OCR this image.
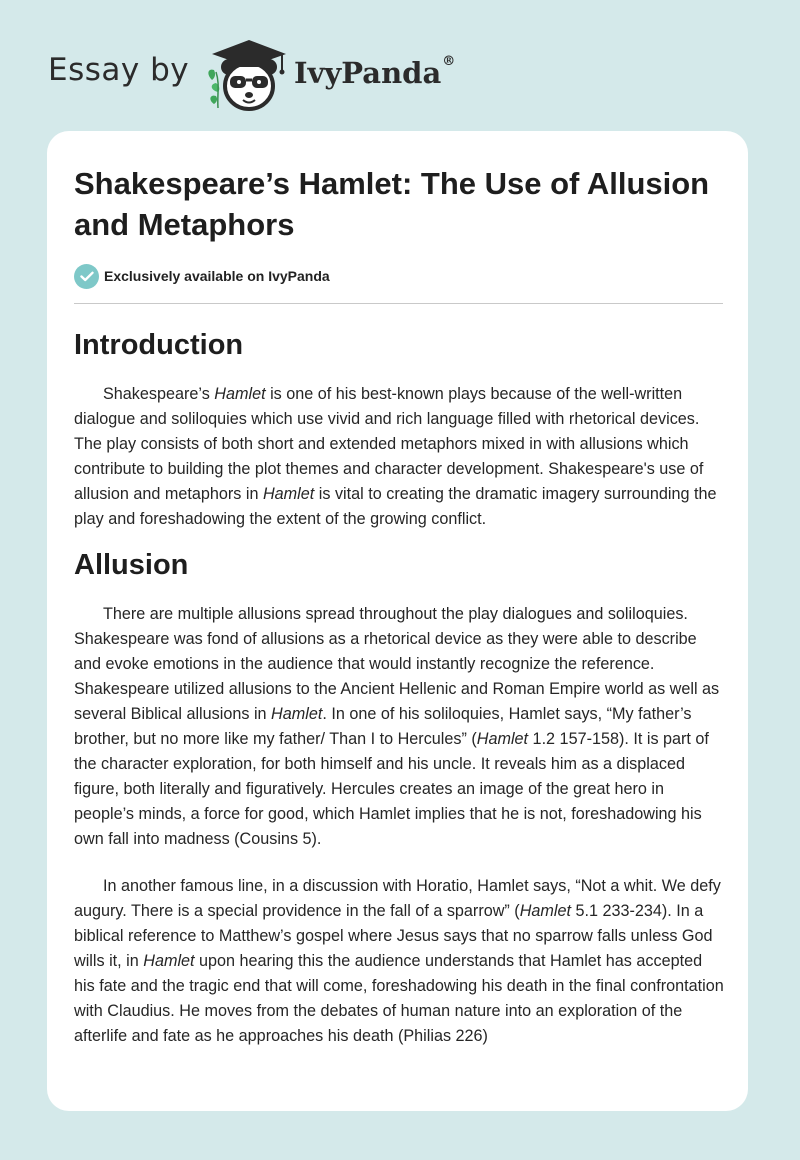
Essay by	IvyPanda®
Shakespeare’s Hamlet: The Use of Allusion and Metaphors
Exclusively available on IvyPanda
Introduction

Shakespeare’s Hamlet is one of his best-known plays because of the well-written dialogue and soliloquies which use vivid and rich language filled with rhetorical devices. The play consists of both short and extended metaphors mixed in with allusions which contribute to building the plot themes and character development. Shakespeare's use of allusion and metaphors in Hamlet is vital to creating the dramatic imagery surrounding the play and foreshadowing the extent of the growing conflict.

Allusion

There are multiple allusions spread throughout the play dialogues and soliloquies. Shakespeare was fond of allusions as a rhetorical device as they were able to describe and evoke emotions in the audience that would instantly recognize the reference. Shakespeare utilized allusions to the Ancient Hellenic and Roman Empire world as well as several Biblical allusions in Hamlet. In one of his soliloquies, Hamlet says, “My father’s brother, but no more like my father/ Than I to Hercules” (Hamlet 1.2 157-158). It is part of the character exploration, for both himself and his uncle. It reveals him as a displaced figure, both literally and figuratively. Hercules creates an image of the great hero in people’s minds, a force for good, which Hamlet implies that he is not, foreshadowing his own fall into madness (Cousins 5).

In another famous line, in a discussion with Horatio, Hamlet says, “Not a whit. We defy augury. There is a special providence in the fall of a sparrow” (Hamlet 5.1 233-234). In a biblical reference to Matthew’s gospel where Jesus says that no sparrow falls unless God wills it, in Hamlet upon hearing this the audience understands that Hamlet has accepted his fate and the tragic end that will come, foreshadowing his death in the final confrontation with Claudius. He moves from the debates of human nature into an exploration of the afterlife and fate as he approaches his death (Philias 226)
